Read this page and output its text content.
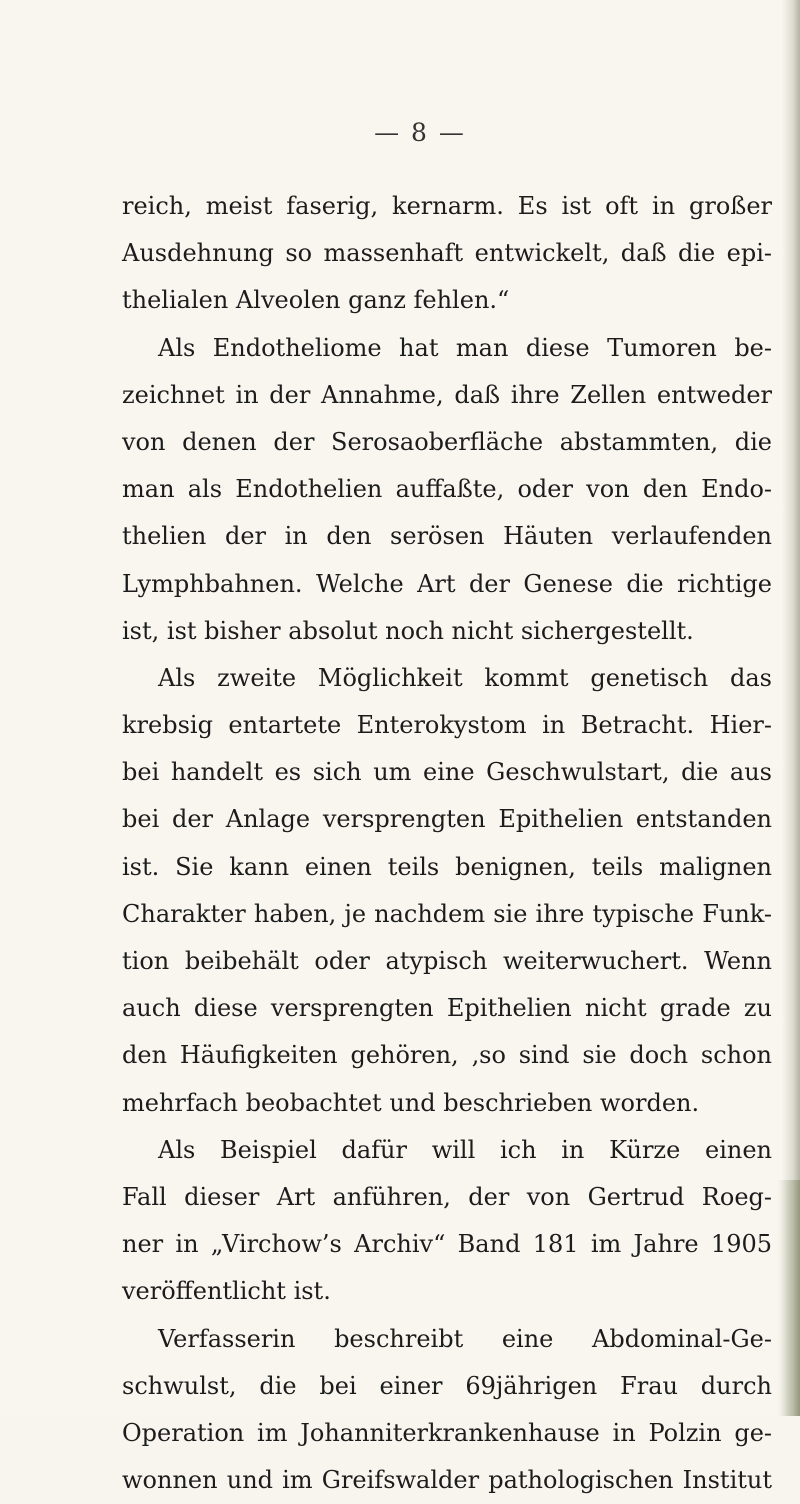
— 8 —
reich, meist faserig, kernarm. Es ist oft in großer
Ausdehnung so massenhaft entwickelt, daß die epi-
thelialen Alveolen ganz fehlen.“
Als Endotheliome hat man diese Tumoren be-
zeichnet in der Annahme, daß ihre Zellen entweder
von denen der Serosaoberfläche abstammten, die
man als Endothelien auffaßte, oder von den Endo-
thelien der in den serösen Häuten verlaufenden
Lymphbahnen. Welche Art der Genese die richtige
ist, ist bisher absolut noch nicht sichergestellt.
Als zweite Möglichkeit kommt genetisch das
krebsig entartete Enterokystom in Betracht. Hier-
bei handelt es sich um eine Geschwulstart, die aus
bei der Anlage versprengten Epithelien entstanden
ist. Sie kann einen teils benignen, teils malignen
Charakter haben, je nachdem sie ihre typische Funk-
tion beibehält oder atypisch weiterwuchert. Wenn
auch diese versprengten Epithelien nicht grade zu
den Häufigkeiten gehören, ‚so sind sie doch schon
mehrfach beobachtet und beschrieben worden.
Als Beispiel dafür will ich in Kürze einen
Fall dieser Art anführen, der von Gertrud Roeg-
ner in „Virchow’s Archiv“ Band 181 im Jahre 1905
veröffentlicht ist.
Verfasserin beschreibt eine Abdominal-Ge-
schwulst, die bei einer 69jährigen Frau durch
Operation im Johanniterkrankenhause in Polzin ge-
wonnen und im Greifswalder pathologischen Institut
